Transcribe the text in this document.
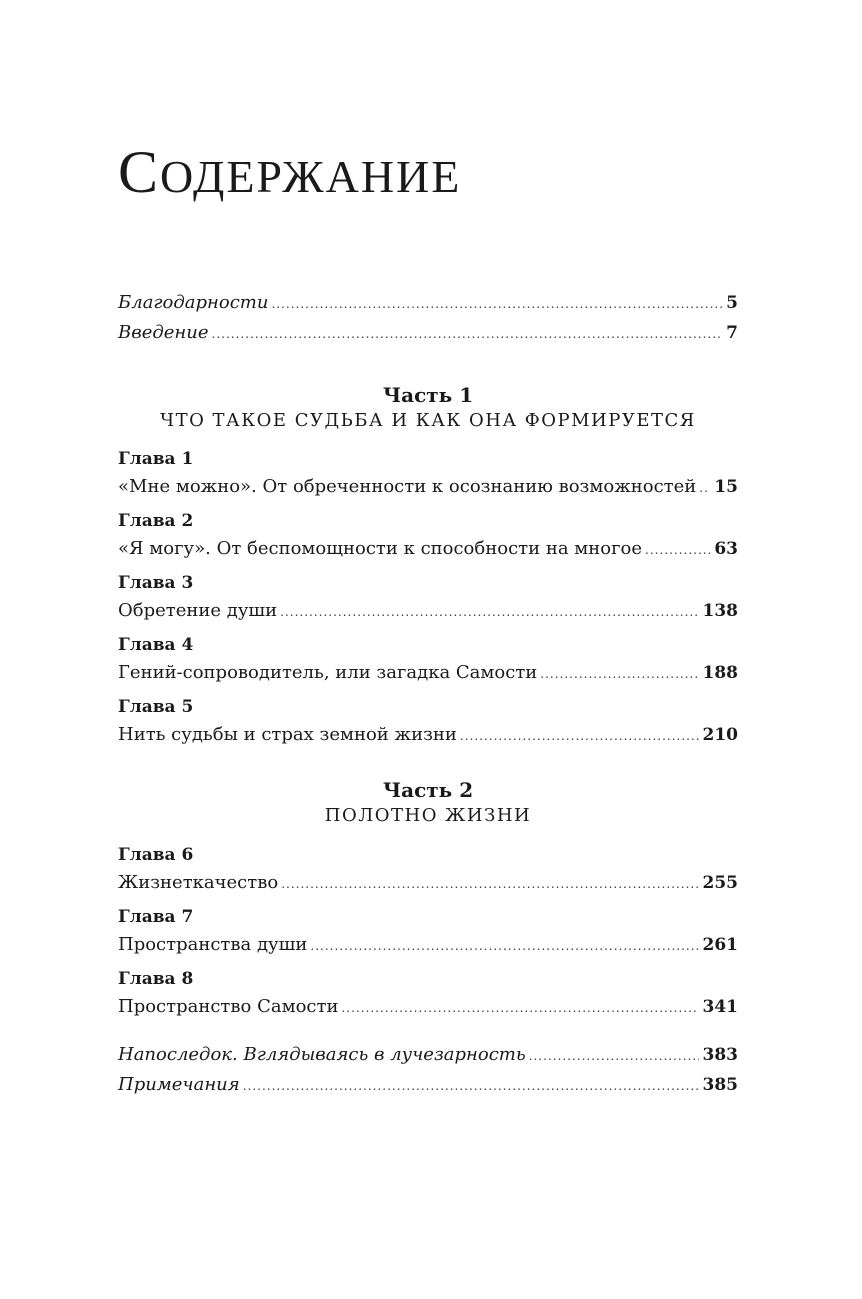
СОДЕРЖАНИЕ
Благодарности .....	5
Введение .....	7
Часть 1
ЧТО ТАКОЕ СУДЬБА И КАК ОНА ФОРМИРУЕТСЯ
Глава 1
«Мне можно». От обреченности к осознанию возможностей ..... 15
Глава 2
«Я могу». От беспомощности к способности на многое .....	63
Глава 3
Обретение души .....	138
Глава 4
Гений-сопроводитель, или загадка Самости .....	188
Глава 5
Нить судьбы и страх земной жизни .....	210
Часть 2
ПОЛОТНО ЖИЗНИ
Глава 6
Жизнеткачество .....	255
Глава 7
Пространства души .....	261
Глава 8
Пространство Самости .....	341
Напоследок. Вглядываясь в лучезарность .....	383
Примечания .....	385
